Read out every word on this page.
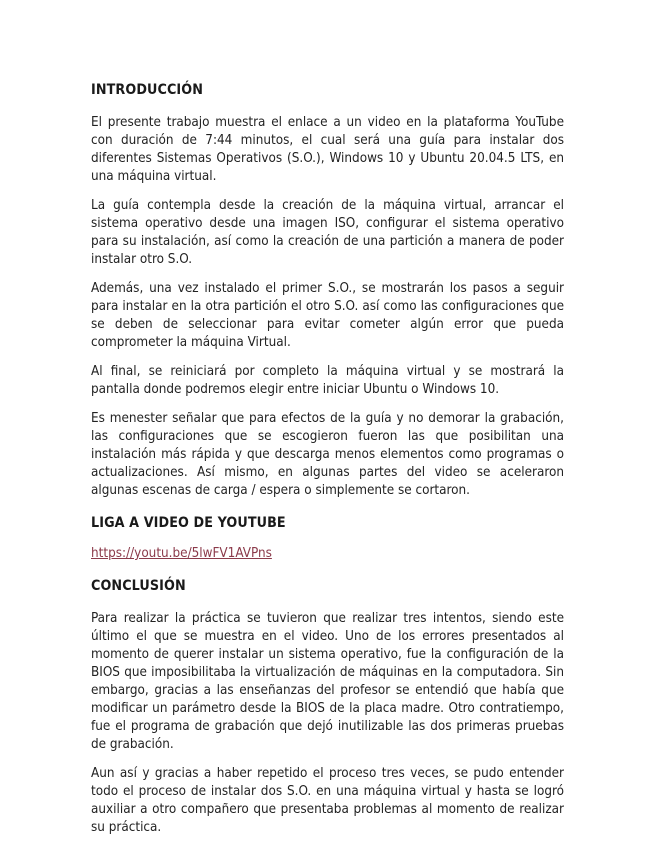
INTRODUCCIÓN

El presente trabajo muestra el enlace a un video en la plataforma YouTube con duración de 7:44 minutos, el cual será una guía para instalar dos diferentes Sistemas Operativos (S.O.), Windows 10 y Ubuntu 20.04.5 LTS, en una máquina virtual.

La guía contempla desde la creación de la máquina virtual, arrancar el sistema operativo desde una imagen ISO, configurar el sistema operativo para su instalación, así como la creación de una partición a manera de poder instalar otro S.O.

Además, una vez instalado el primer S.O., se mostrarán los pasos a seguir para instalar en la otra partición el otro S.O. así como las configuraciones que se deben de seleccionar para evitar cometer algún error que pueda comprometer la máquina Virtual.

Al final, se reiniciará por completo la máquina virtual y se mostrará la pantalla donde podremos elegir entre iniciar Ubuntu o Windows 10.

Es menester señalar que para efectos de la guía y no demorar la grabación, las configuraciones que se escogieron fueron las que posibilitan una instalación más rápida y que descarga menos elementos como programas o actualizaciones. Así mismo, en algunas partes del video se aceleraron algunas escenas de carga / espera o simplemente se cortaron.

LIGA A VIDEO DE YOUTUBE

https://youtu.be/5lwFV1AVPns

CONCLUSIÓN

Para realizar la práctica se tuvieron que realizar tres intentos, siendo este último el que se muestra en el video. Uno de los errores presentados al momento de querer instalar un sistema operativo, fue la configuración de la BIOS que imposibilitaba la virtualización de máquinas en la computadora. Sin embargo, gracias a las enseñanzas del profesor se entendió que había que modificar un parámetro desde la BIOS de la placa madre. Otro contratiempo, fue el programa de grabación que dejó inutilizable las dos primeras pruebas de grabación.

Aun así y gracias a haber repetido el proceso tres veces, se pudo entender todo el proceso de instalar dos S.O. en una máquina virtual y hasta se logró auxiliar a otro compañero que presentaba problemas al momento de realizar su práctica.
